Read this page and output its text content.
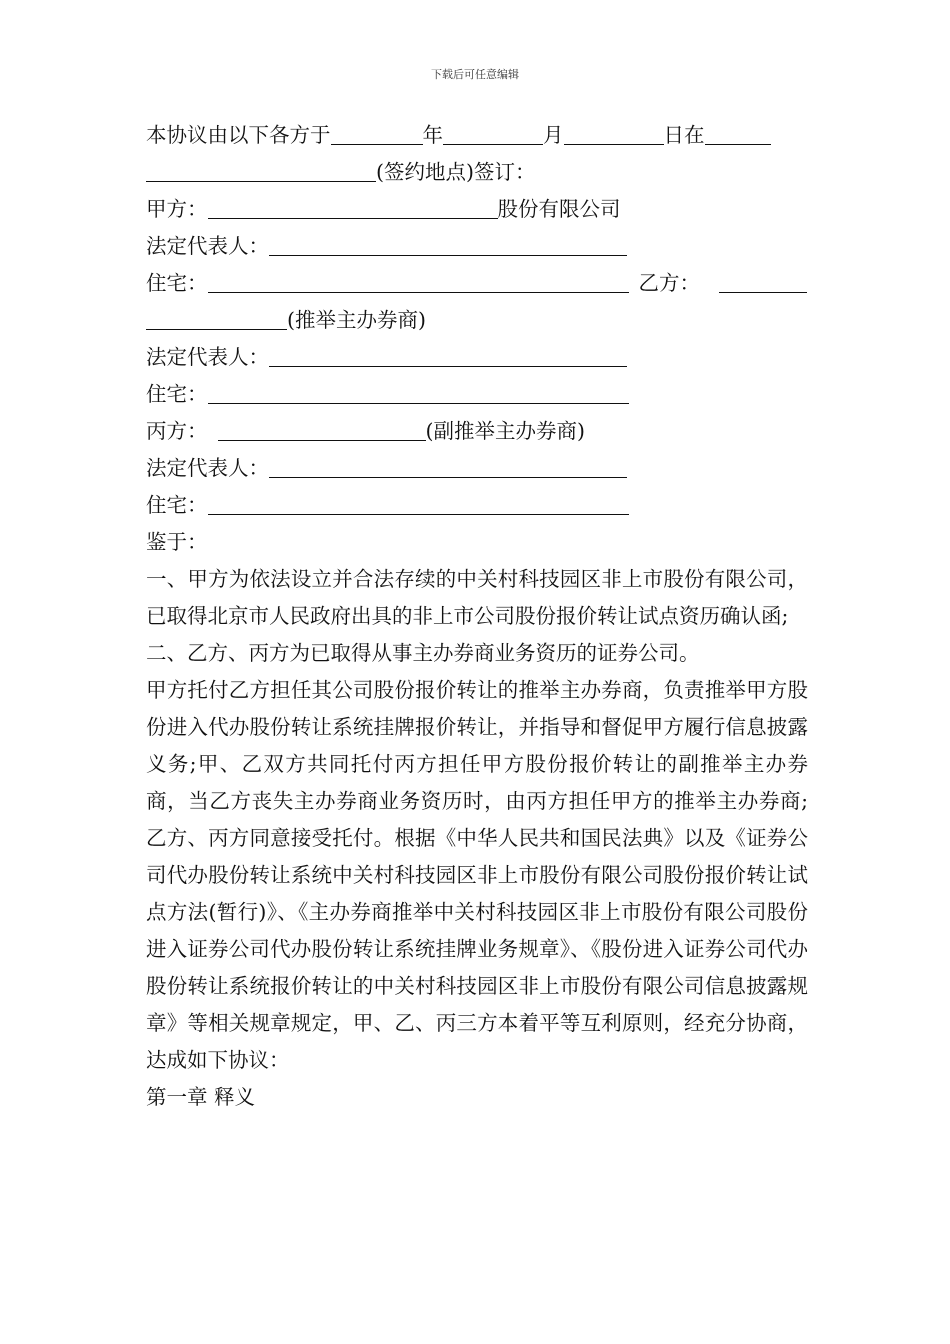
下载后可任意编辑
本协议由以下各方于	年	月	日在
(签约地点)签订：
甲方：	股份有限公司
法定代表人：
住宅：	乙方：
(推举主办券商)
法定代表人：
住宅：
丙方：	(副推举主办券商)
法定代表人：
住宅：
鉴于：
一、甲方为依法设立并合法存续的中关村科技园区非上市股份有限公司，已取得北京市人民政府出具的非上市公司股份报价转让试点资历确认函;
二、乙方、丙方为已取得从事主办券商业务资历的证券公司。
甲方托付乙方担任其公司股份报价转让的推举主办券商，负责推举甲方股份进入代办股份转让系统挂牌报价转让，并指导和督促甲方履行信息披露义务;甲、乙双方共同托付丙方担任甲方股份报价转让的副推举主办券商，当乙方丧失主办券商业务资历时，由丙方担任甲方的推举主办券商;乙方、丙方同意接受托付。根据《中华人民共和国民法典》以及《证券公司代办股份转让系统中关村科技园区非上市股份有限公司股份报价转让试点方法(暂行)》、《主办券商推举中关村科技园区非上市股份有限公司股份进入证券公司代办股份转让系统挂牌业务规章》、《股份进入证券公司代办股份转让系统报价转让的中关村科技园区非上市股份有限公司信息披露规章》等相关规章规定，甲、乙、丙三方本着平等互利原则，经充分协商，达成如下协议：
第一章 释义
